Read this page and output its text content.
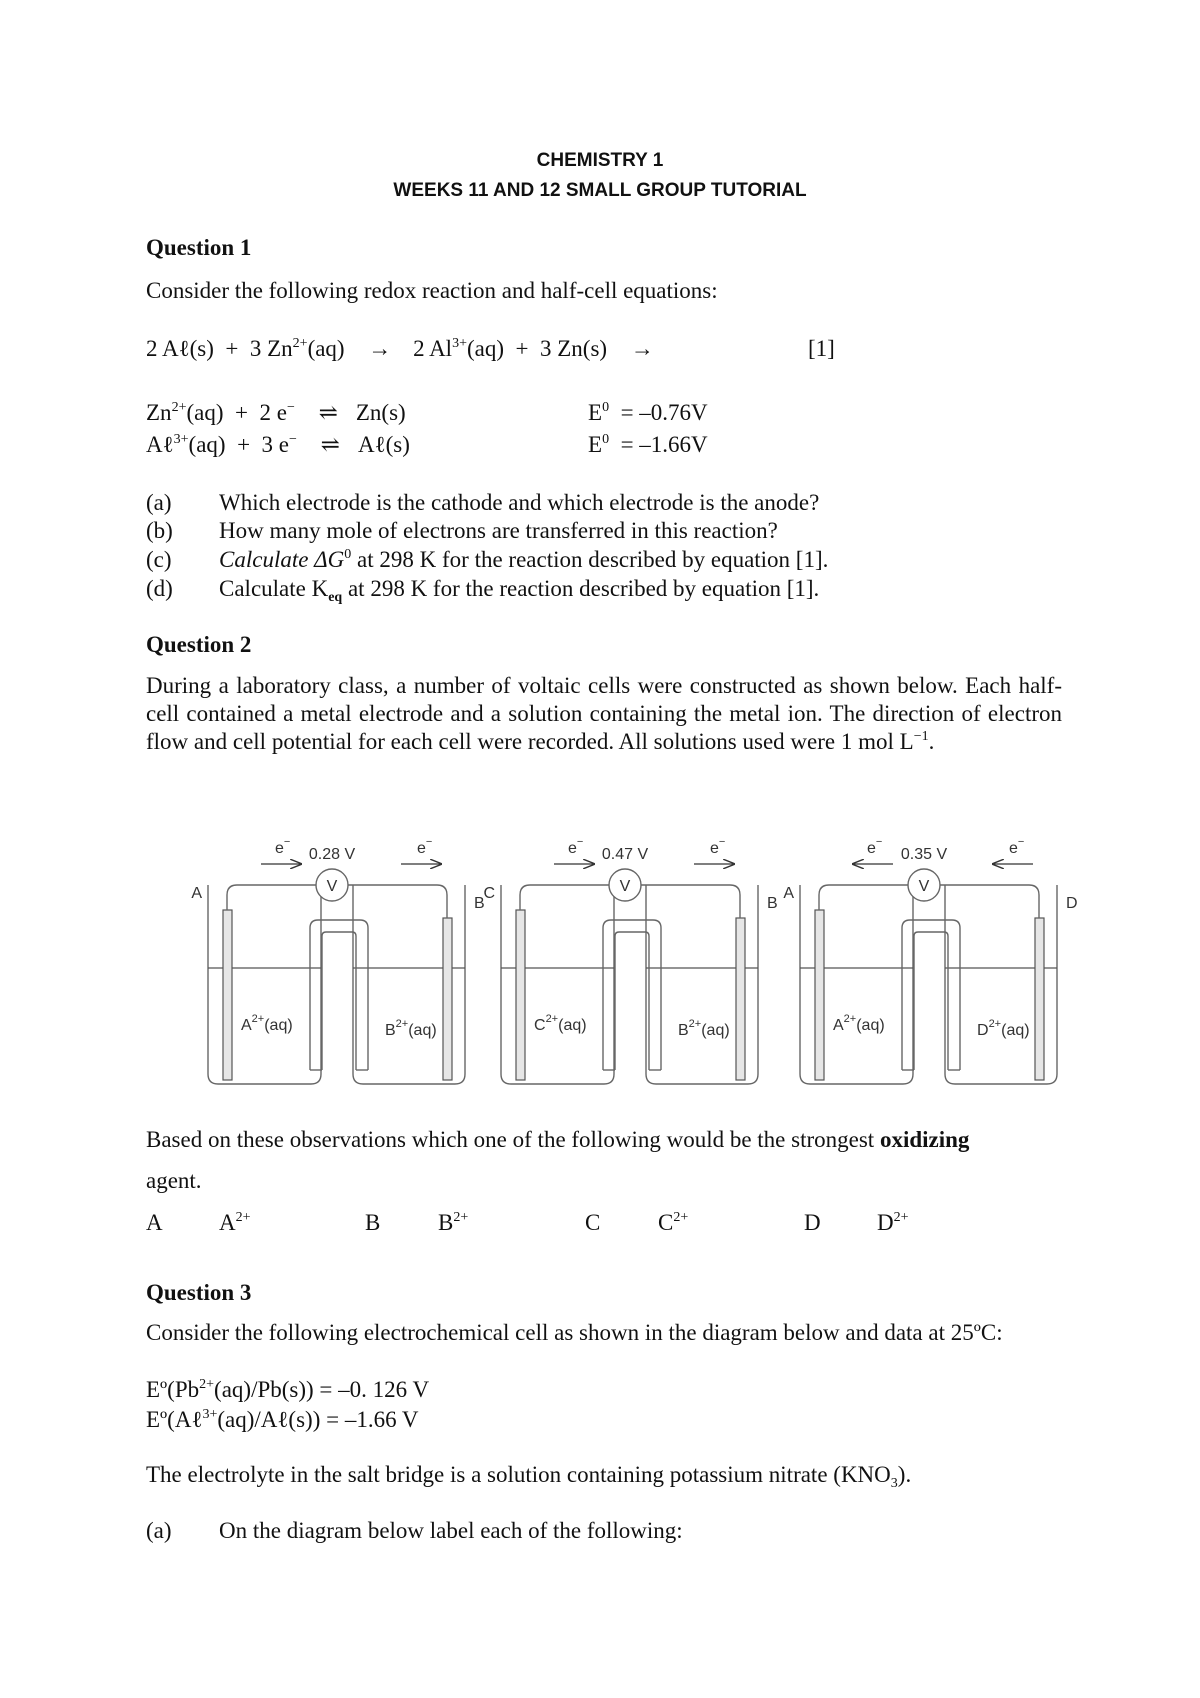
CHEMISTRY 1
WEEKS 11 AND 12 SMALL GROUP TUTORIAL
Question 1
Consider the following redox reaction and half-cell equations:
2 Aℓ(s)  +  3 $Zn^{2+}(aq) \to 2$ $Al^{3+}(aq) + 3$ Zn(s) →	[1]
$Zn^{2+}(aq) + 2$ e− ⇌ Zn(s)	$E^0 = -0.76V$
Aℓ$^{3+}$(aq)  +  3 e− ⇌ Aℓ(s)	$E^0 = -1.66V$
(a) Which electrode is the cathode and which electrode is the anode?
(b) How many mole of electrons are transferred in this reaction?
(c) Calculate $\Delta G^0$ at 298 K for the reaction described by equation [1].
(d) Calculate $K_{eq}$ at 298 K for the reaction described by equation [1].
Question 2
During a laboratory class, a number of voltaic cells were constructed as shown below. Each half-cell contained a metal electrode and a solution containing the metal ion. The direction of electron flow and cell potential for each cell were recorded. All solutions used were 1 mol $L^{-1}$.
V
0.28 V
e−	e−
A
B
$A^{2+}(aq)$	$B^{2+}(aq)$
V
0.47 V
e−	e−
C
B
$C^{2+}(aq)$	$B^{2+}(aq)$
V
0.35 V
e−	e−
A
D
$A^{2+}(aq)$	$D^{2+}(aq)$
Based on these observations which one of the following would be the strongest oxidizing
agent.
A $A^{2+}$	B	$B^{2+}$	C	$C^{2+}$	D $D^{2+}$
Question 3
Consider the following electrochemical cell as shown in the diagram below and data at 25ºC:
$Eº(Pb^{2+}(aq)/Pb(s)) = -0$. 126 V
Eº(Aℓ$^{3+}$(aq)/Aℓ(s)) = –1.66 V
The electrolyte in the salt bridge is a solution containing potassium nitrate $(KNO_3)$.
(a) On the diagram below label each of the following:
